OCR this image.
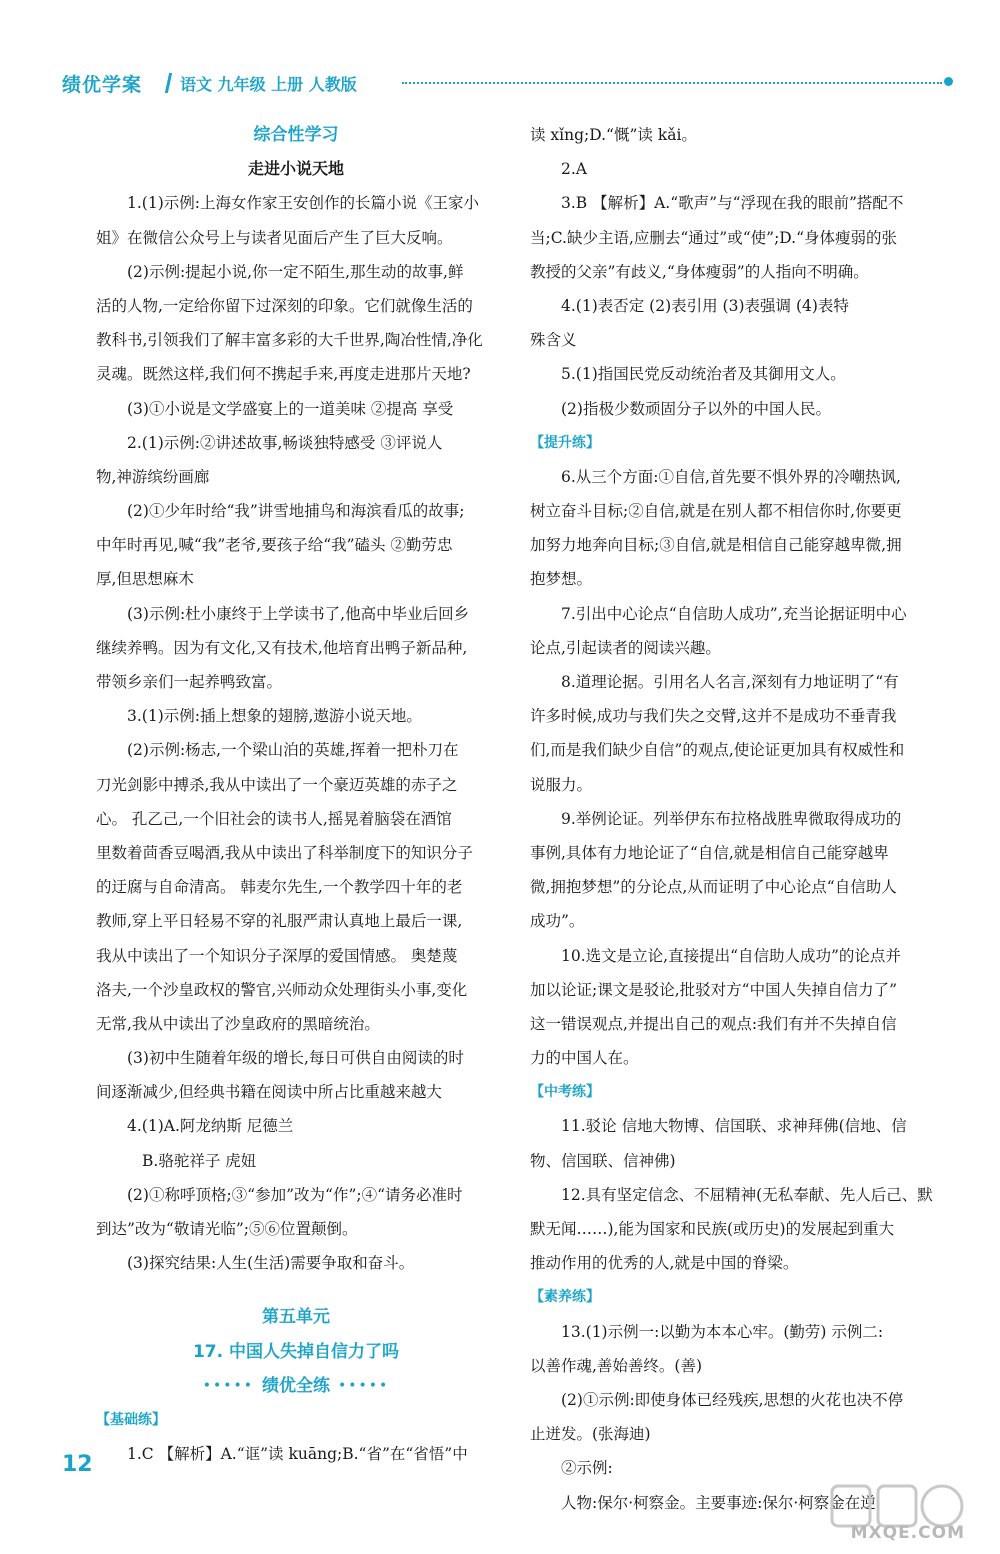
绩优学案 语文 九年级 上册 人教版
综合性学习
走进小说天地
1.(1)示例:上海女作家王安创作的长篇小说《王家小
姐》在微信公众号上与读者见面后产生了巨大反响。
(2)示例:提起小说,你一定不陌生,那生动的故事,鲜
活的人物,一定给你留下过深刻的印象。它们就像生活的
教科书,引领我们了解丰富多彩的大千世界,陶冶性情,净化
灵魂。既然这样,我们何不携起手来,再度走进那片天地?
(3)①小说是文学盛宴上的一道美味 ②提高 享受
2.(1)示例:②讲述故事,畅谈独特感受 ③评说人
物,神游缤纷画廊
(2)①少年时给“我”讲雪地捕鸟和海滨看瓜的故事;
中年时再见,喊“我”老爷,要孩子给“我”磕头 ②勤劳忠
厚,但思想麻木
(3)示例:杜小康终于上学读书了,他高中毕业后回乡
继续养鸭。因为有文化,又有技术,他培育出鸭子新品种,
带领乡亲们一起养鸭致富。
3.(1)示例:插上想象的翅膀,遨游小说天地。
(2)示例:杨志,一个梁山泊的英雄,挥着一把朴刀在
刀光剑影中搏杀,我从中读出了一个豪迈英雄的赤子之
心。 孔乙己,一个旧社会的读书人,摇晃着脑袋在酒馆
里数着茴香豆喝酒,我从中读出了科举制度下的知识分子
的迂腐与自命清高。 韩麦尔先生,一个教学四十年的老
教师,穿上平日轻易不穿的礼服严肃认真地上最后一课,
我从中读出了一个知识分子深厚的爱国情感。 奥楚蔑
洛夫,一个沙皇政权的警官,兴师动众处理街头小事,变化
无常,我从中读出了沙皇政府的黑暗统治。
(3)初中生随着年级的增长,每日可供自由阅读的时
间逐渐减少,但经典书籍在阅读中所占比重越来越大
4.(1)A.阿龙纳斯 尼德兰
B.骆驼祥子 虎妞
(2)①称呼顶格;③“参加”改为“作”;④“请务必准时
到达”改为“敬请光临”;⑤⑥位置颠倒。
(3)探究结果:人生(生活)需要争取和奋斗。
第五单元
17. 中国人失掉自信力了吗
••••• 绩优全练 •••••
【基础练】
1.C 【解析】A.“诓”读 kuāng;B.“省”在“省悟”中
读 xǐng;D.“慨”读 kǎi。
2.A
3.B 【解析】A.“歌声”与“浮现在我的眼前”搭配不
当;C.缺少主语,应删去“通过”或“使”;D.“身体瘦弱的张
教授的父亲”有歧义,“身体瘦弱”的人指向不明确。
4.(1)表否定 (2)表引用 (3)表强调 (4)表特
殊含义
5.(1)指国民党反动统治者及其御用文人。
(2)指极少数顽固分子以外的中国人民。
【提升练】
6.从三个方面:①自信,首先要不惧外界的冷嘲热讽,
树立奋斗目标;②自信,就是在别人都不相信你时,你要更
加努力地奔向目标;③自信,就是相信自己能穿越卑微,拥
抱梦想。
7.引出中心论点“自信助人成功”,充当论据证明中心
论点,引起读者的阅读兴趣。
8.道理论据。引用名人名言,深刻有力地证明了“有
许多时候,成功与我们失之交臂,这并不是成功不垂青我
们,而是我们缺少自信”的观点,使论证更加具有权威性和
说服力。
9.举例论证。列举伊东布拉格战胜卑微取得成功的
事例,具体有力地论证了“自信,就是相信自己能穿越卑
微,拥抱梦想”的分论点,从而证明了中心论点“自信助人
成功”。
10.选文是立论,直接提出“自信助人成功”的论点并
加以论证;课文是驳论,批驳对方“中国人失掉自信力了”
这一错误观点,并提出自己的观点:我们有并不失掉自信
力的中国人在。
【中考练】
11.驳论 信地大物博、信国联、求神拜佛(信地、信
物、信国联、信神佛)
12.具有坚定信念、不屈精神(无私奉献、先人后己、默
默无闻……),能为国家和民族(或历史)的发展起到重大
推动作用的优秀的人,就是中国的脊梁。
【素养练】
13.(1)示例一:以勤为本本心牢。(勤劳) 示例二:
以善作魂,善始善终。(善)
(2)①示例:即使身体已经残疾,思想的火花也决不停
止迸发。(张海迪)
②示例:
人物:保尔·柯察金。主要事迹:保尔·柯察金在逆
12
MXQE.COM
